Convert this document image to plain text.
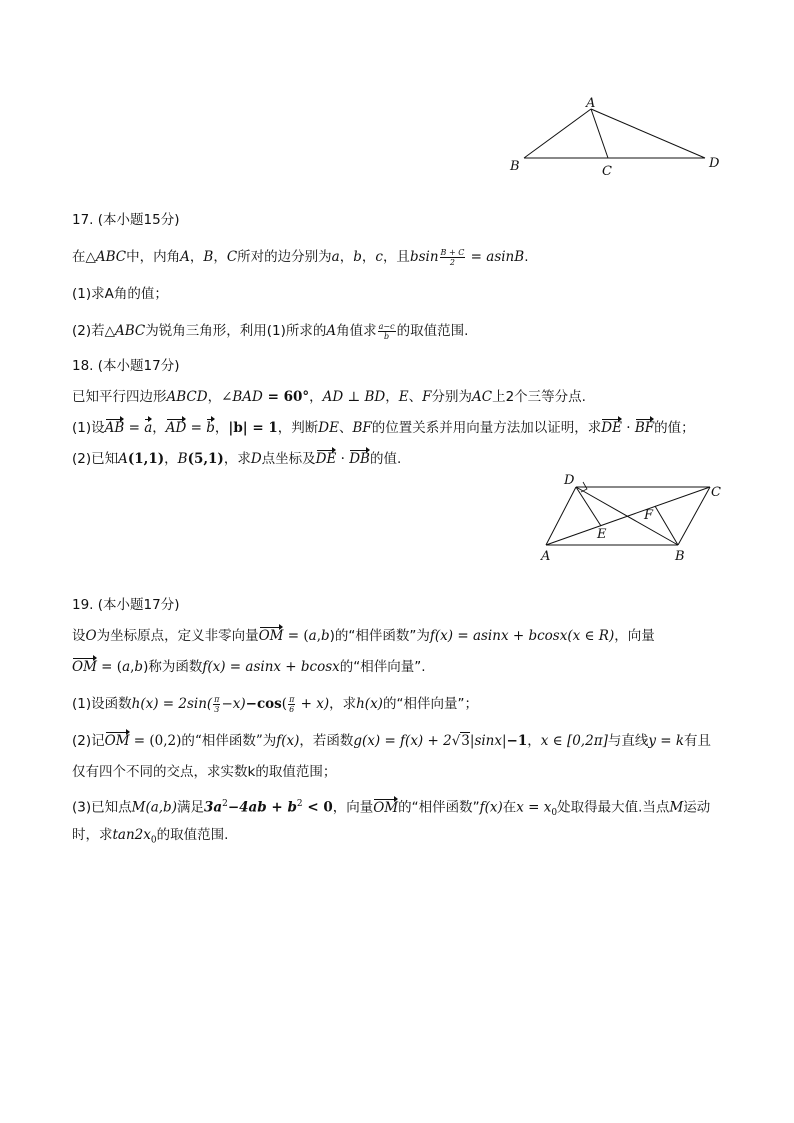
A
B	C
D
17. (本小题15分)
在△ABC中，内角A，B，C所对的边分别为a，b，c，且bsin $\frac{B + C}{2} = asinB$.
(1)求A角的值；
(2)若△ABC为锐角三角形，利用(1)所求的A角值求 $\frac{a-c}{b}$ 的取值范围.
18. (本小题17分)
已知平行四边形ABCD，∠BAD = 60°，AD ⊥ BD，E、F分别为AC上2个三等分点.
(1)设AB = a，AD = b，|b| = 1，判断DE、BF的位置关系并用向量方法加以证明，求DE · BF的值；
(2)已知A(1,1)，B(5,1)，求D点坐标及DE · DB的值.
D
C
F
E
A	B
19. (本小题17分)
设O为坐标原点，定义非零向量OM = (a,b)的“相伴函数”为f(x) = asinx + bcosx(x ∈ R)，向量
OM = (a,b)称为函数f(x) = asinx + bcosx的“相伴向量”.
(1)设函数$h(x) = 2\sin( \frac{\pi}{3} -x)-\cos( \frac{\pi}{6} + x)$，求h(x)的“相伴向量”；
(2)记OM = (0,2)的“相伴函数”为f(x)，若函数g(x) = f(x) + 2√3|sinx|−1，x ∈ [0,2π]与直线y = k有且
仅有四个不同的交点，求实数k的取值范围；
(3)已知点M(a,b)满足$3a^2-4ab + b^2 < 0$，向量OM的“相伴函数”f(x)在$x = x_0$处取得最大值.当点M运动
时，求$\tan 2x_0$的取值范围.
